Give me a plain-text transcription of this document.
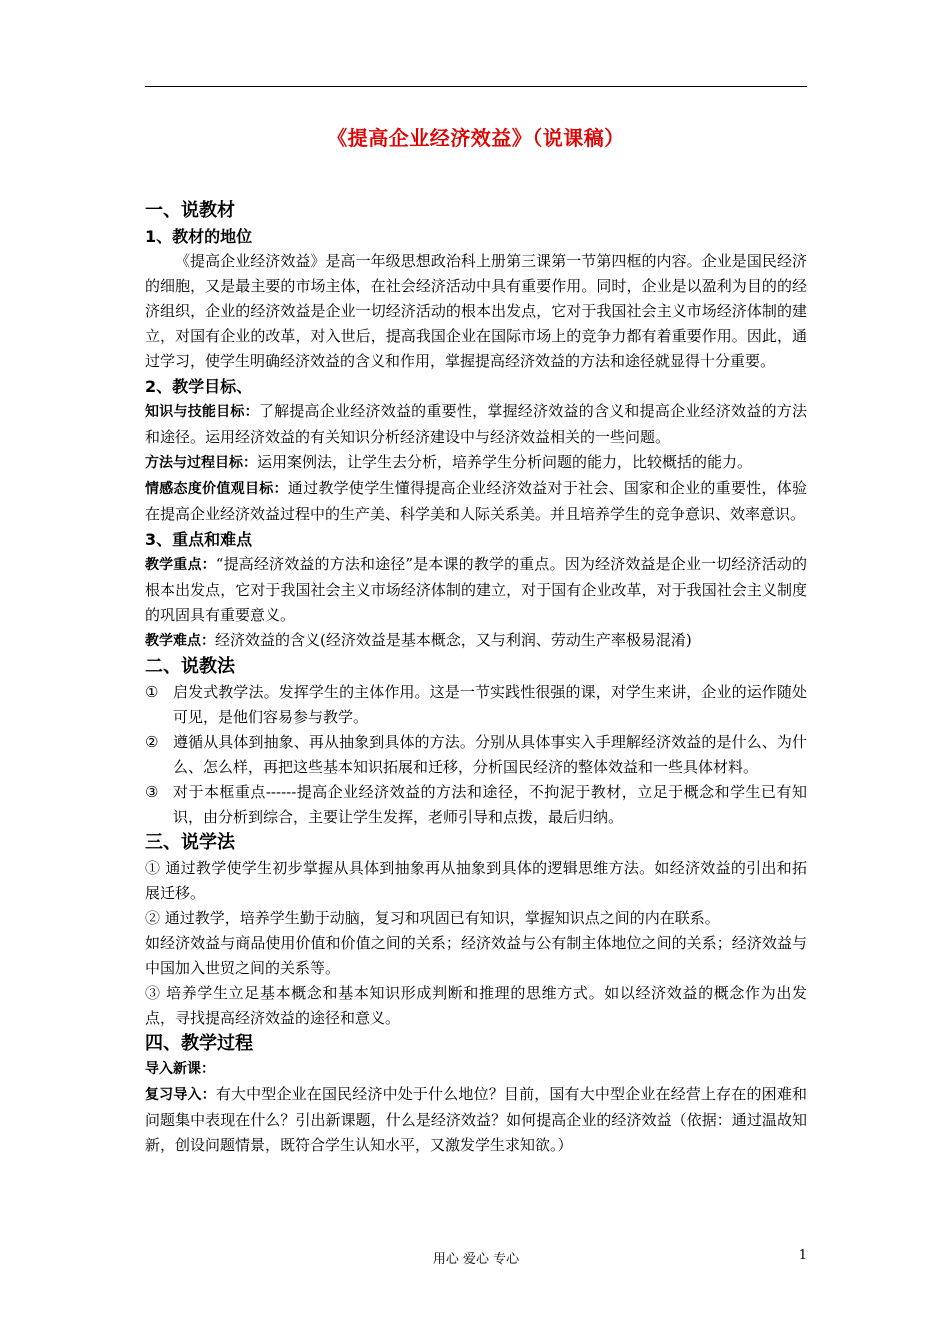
《提高企业经济效益》（说课稿）
一、说教材
1、教材的地位
《提高企业经济效益》是高一年级思想政治科上册第三课第一节第四框的内容。企业是国民经济的细胞，又是最主要的市场主体，在社会经济活动中具有重要作用。同时，企业是以盈利为目的的经济组织，企业的经济效益是企业一切经济活动的根本出发点，它对于我国社会主义市场经济体制的建立，对国有企业的改革，对入世后，提高我国企业在国际市场上的竞争力都有着重要作用。因此，通过学习，使学生明确经济效益的含义和作用，掌握提高经济效益的方法和途径就显得十分重要。
2、教学目标、
知识与技能目标：了解提高企业经济效益的重要性，掌握经济效益的含义和提高企业经济效益的方法和途径。运用经济效益的有关知识分析经济建设中与经济效益相关的一些问题。
方法与过程目标：运用案例法，让学生去分析，培养学生分析问题的能力，比较概括的能力。
情感态度价值观目标：通过教学使学生懂得提高企业经济效益对于社会、国家和企业的重要性，体验在提高企业经济效益过程中的生产美、科学美和人际关系美。并且培养学生的竞争意识、效率意识。
3、重点和难点
教学重点：“提高经济效益的方法和途径”是本课的教学的重点。因为经济效益是企业一切经济活动的根本出发点，它对于我国社会主义市场经济体制的建立，对于国有企业改革，对于我国社会主义制度的巩固具有重要意义。
教学难点：经济效益的含义(经济效益是基本概念，又与利润、劳动生产率极易混淆)
二、说教法
① 启发式教学法。发挥学生的主体作用。这是一节实践性很强的课，对学生来讲，企业的运作随处可见，是他们容易参与教学。
② 遵循从具体到抽象、再从抽象到具体的方法。分别从具体事实入手理解经济效益的是什么、为什么、怎么样，再把这些基本知识拓展和迁移，分析国民经济的整体效益和一些具体材料。
③ 对于本框重点------提高企业经济效益的方法和途径，不拘泥于教材，立足于概念和学生已有知识，由分析到综合，主要让学生发挥，老师引导和点拨，最后归纳。
三、说学法
① 通过教学使学生初步掌握从具体到抽象再从抽象到具体的逻辑思维方法。如经济效益的引出和拓展迁移。
② 通过教学，培养学生勤于动脑，复习和巩固已有知识，掌握知识点之间的内在联系。
如经济效益与商品使用价值和价值之间的关系；经济效益与公有制主体地位之间的关系；经济效益与中国加入世贸之间的关系等。
③ 培养学生立足基本概念和基本知识形成判断和推理的思维方式。如以经济效益的概念作为出发点，寻找提高经济效益的途径和意义。
四、教学过程
导入新课：
复习导入：有大中型企业在国民经济中处于什么地位？目前，国有大中型企业在经营上存在的困难和问题集中表现在什么？引出新课题，什么是经济效益？如何提高企业的经济效益（依据：通过温故知新，创设问题情景，既符合学生认知水平，又激发学生求知欲。）
用心 爱心 专心	1
